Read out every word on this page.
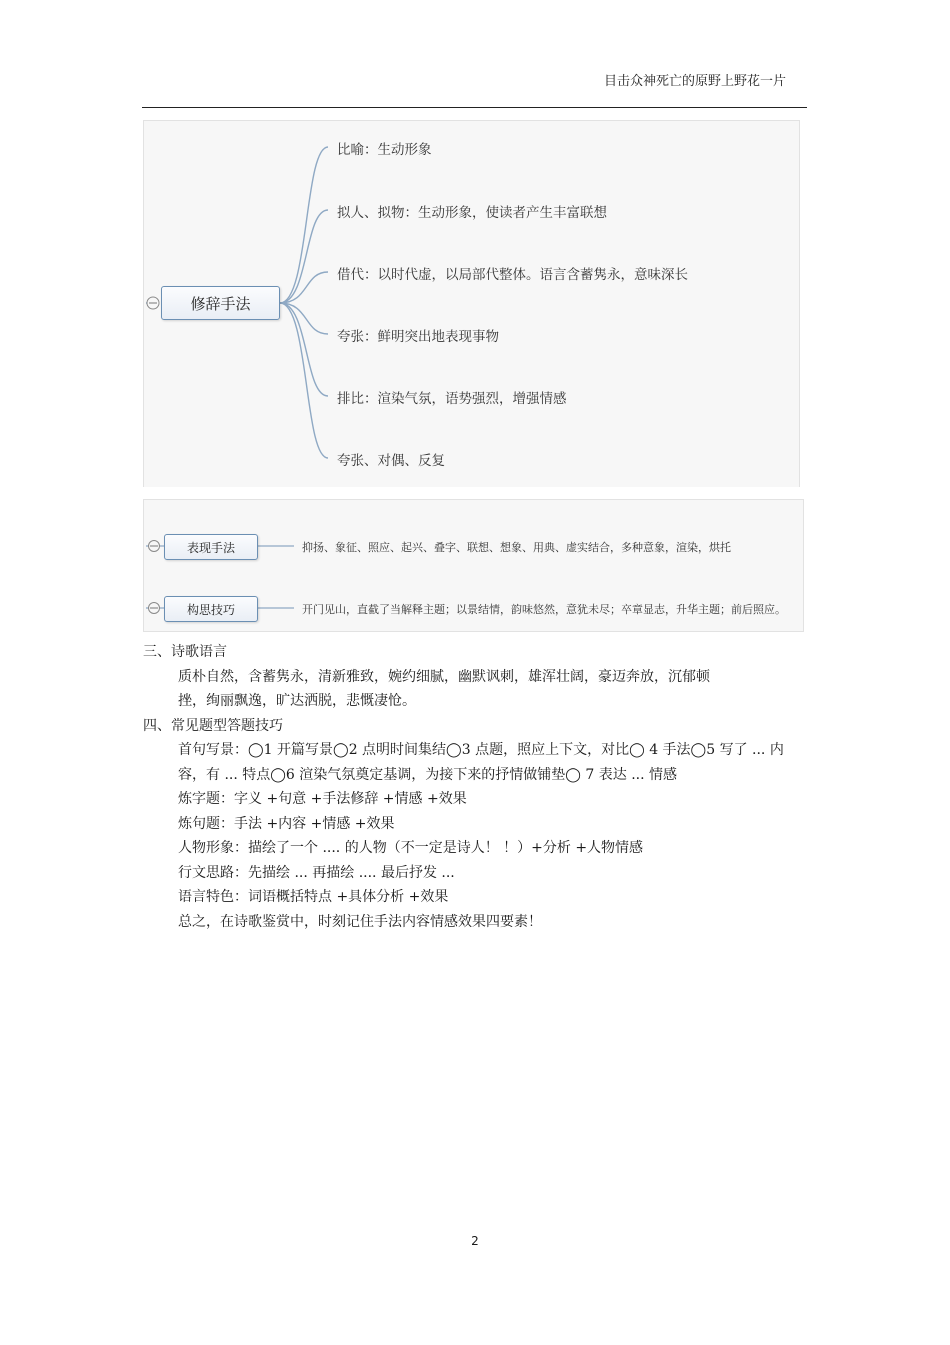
目击众神死亡的原野上野花一片
修辞手法
比喻：生动形象
拟人、拟物：生动形象，使读者产生丰富联想
借代：以时代虚，以局部代整体。语言含蓄隽永，意味深长
夸张：鲜明突出地表现事物
排比：渲染气氛，语势强烈，增强情感
夸张、对偶、反复
表现手法	抑扬、象征、照应、起兴、叠字、联想、想象、用典、虚实结合，多种意象，渲染，烘托
构思技巧	开门见山，直截了当解释主题；以景结情，韵味悠然，意犹未尽；卒章显志，升华主题；前后照应。
三、诗歌语言
质朴自然，含蓄隽永，清新雅致，婉约细腻，幽默讽刺，雄浑壮阔，豪迈奔放，沉郁顿
挫，绚丽飘逸，旷达洒脱，悲慨凄怆。
四、常见题型答题技巧
首句写景：◯1 开篇写景◯2 点明时间集结◯3 点题，照应上下文，对比◯ 4 手法◯5 写了 ... 内
容，有 ... 特点◯6 渲染气氛奠定基调，为接下来的抒情做铺垫◯ 7 表达 ... 情感
炼字题：字义 +句意 +手法修辞 +情感 +效果
炼句题：手法 +内容 +情感 +效果
人物形象：描绘了一个 .... 的人物（不一定是诗人！ ！）+分析 +人物情感
行文思路：先描绘 ... 再描绘 .... 最后抒发 ...
语言特色：词语概括特点 +具体分析 +效果
总之，在诗歌鉴赏中，时刻记住手法内容情感效果四要素！
2
